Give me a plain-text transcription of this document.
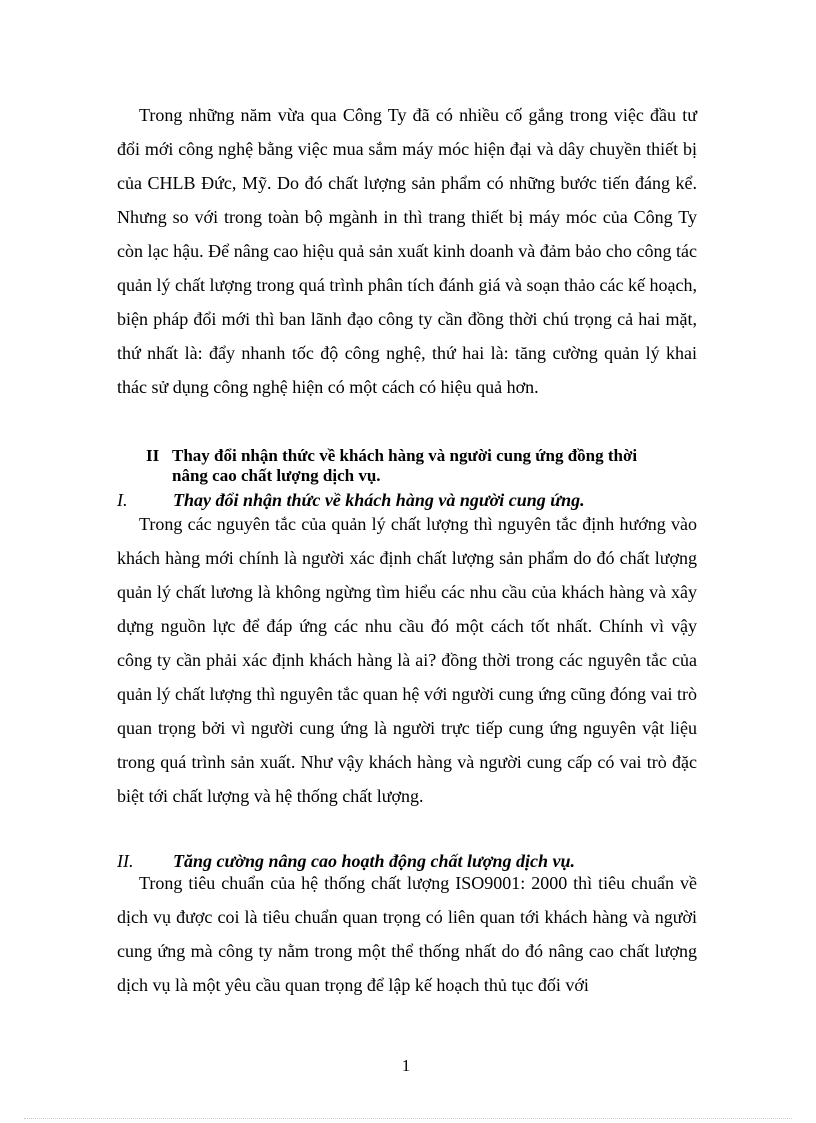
Trong những năm vừa qua Công Ty đã có nhiều cố gắng trong việc đầu tư đổi mới công nghệ bằng việc mua sắm máy móc hiện đại và dây chuyền thiết bị của CHLB Đức, Mỹ. Do đó chất lượng sản phẩm có những bước tiến đáng kể. Nhưng so với trong toàn bộ mgành in thì trang thiết bị máy móc của Công Ty còn lạc hậu. Để nâng cao hiệu quả sản xuất kinh doanh và đảm bảo cho công tác quản lý chất lượng trong quá trình phân tích đánh giá và soạn thảo các kế hoạch, biện pháp đổi mới thì ban lãnh đạo công ty cần đồng thời chú trọng cả hai mặt, thứ nhất là: đẩy nhanh tốc độ công nghệ, thứ hai là: tăng cường quản lý khai thác sử dụng công nghệ hiện có một cách có hiệu quả hơn.

II Thay đổi nhận thức về khách hàng và người cung ứng đồng thời
nâng cao chất lượng dịch vụ.
I.	Thay đổi nhận thức về khách hàng và người cung ứng.

Trong các nguyên tắc của quản lý chất lượng thì nguyên tắc định hướng vào khách hàng mới chính là người xác định chất lượng sản phẩm do đó chất lượng quản lý chất lương là không ngừng tìm hiểu các nhu cầu của khách hàng và xây dựng nguồn lực để đáp ứng các nhu cầu đó một cách tốt nhất. Chính vì vậy công ty cần phải xác định khách hàng là ai? đồng thời trong các nguyên tắc của quản lý chất lượng thì nguyên tắc quan hệ với người cung ứng cũng đóng vai trò quan trọng bởi vì người cung ứng là người trực tiếp cung ứng nguyên vật liệu trong quá trình sản xuất. Như vậy khách hàng và người cung cấp có vai trò đặc biệt tới chất lượng và hệ thống chất lượng.

II. Tăng cường nâng cao hoạth động chất lượng dịch vụ.

Trong tiêu chuẩn của hệ thống chất lượng ISO9001: 2000 thì tiêu chuẩn về dịch vụ được coi là tiêu chuẩn quan trọng có liên quan tới khách hàng và người cung ứng mà công ty nằm trong một thể thống nhất do đó nâng cao chất lượng dịch vụ là một yêu cầu quan trọng để lập kế hoạch thủ tục đối với

1
